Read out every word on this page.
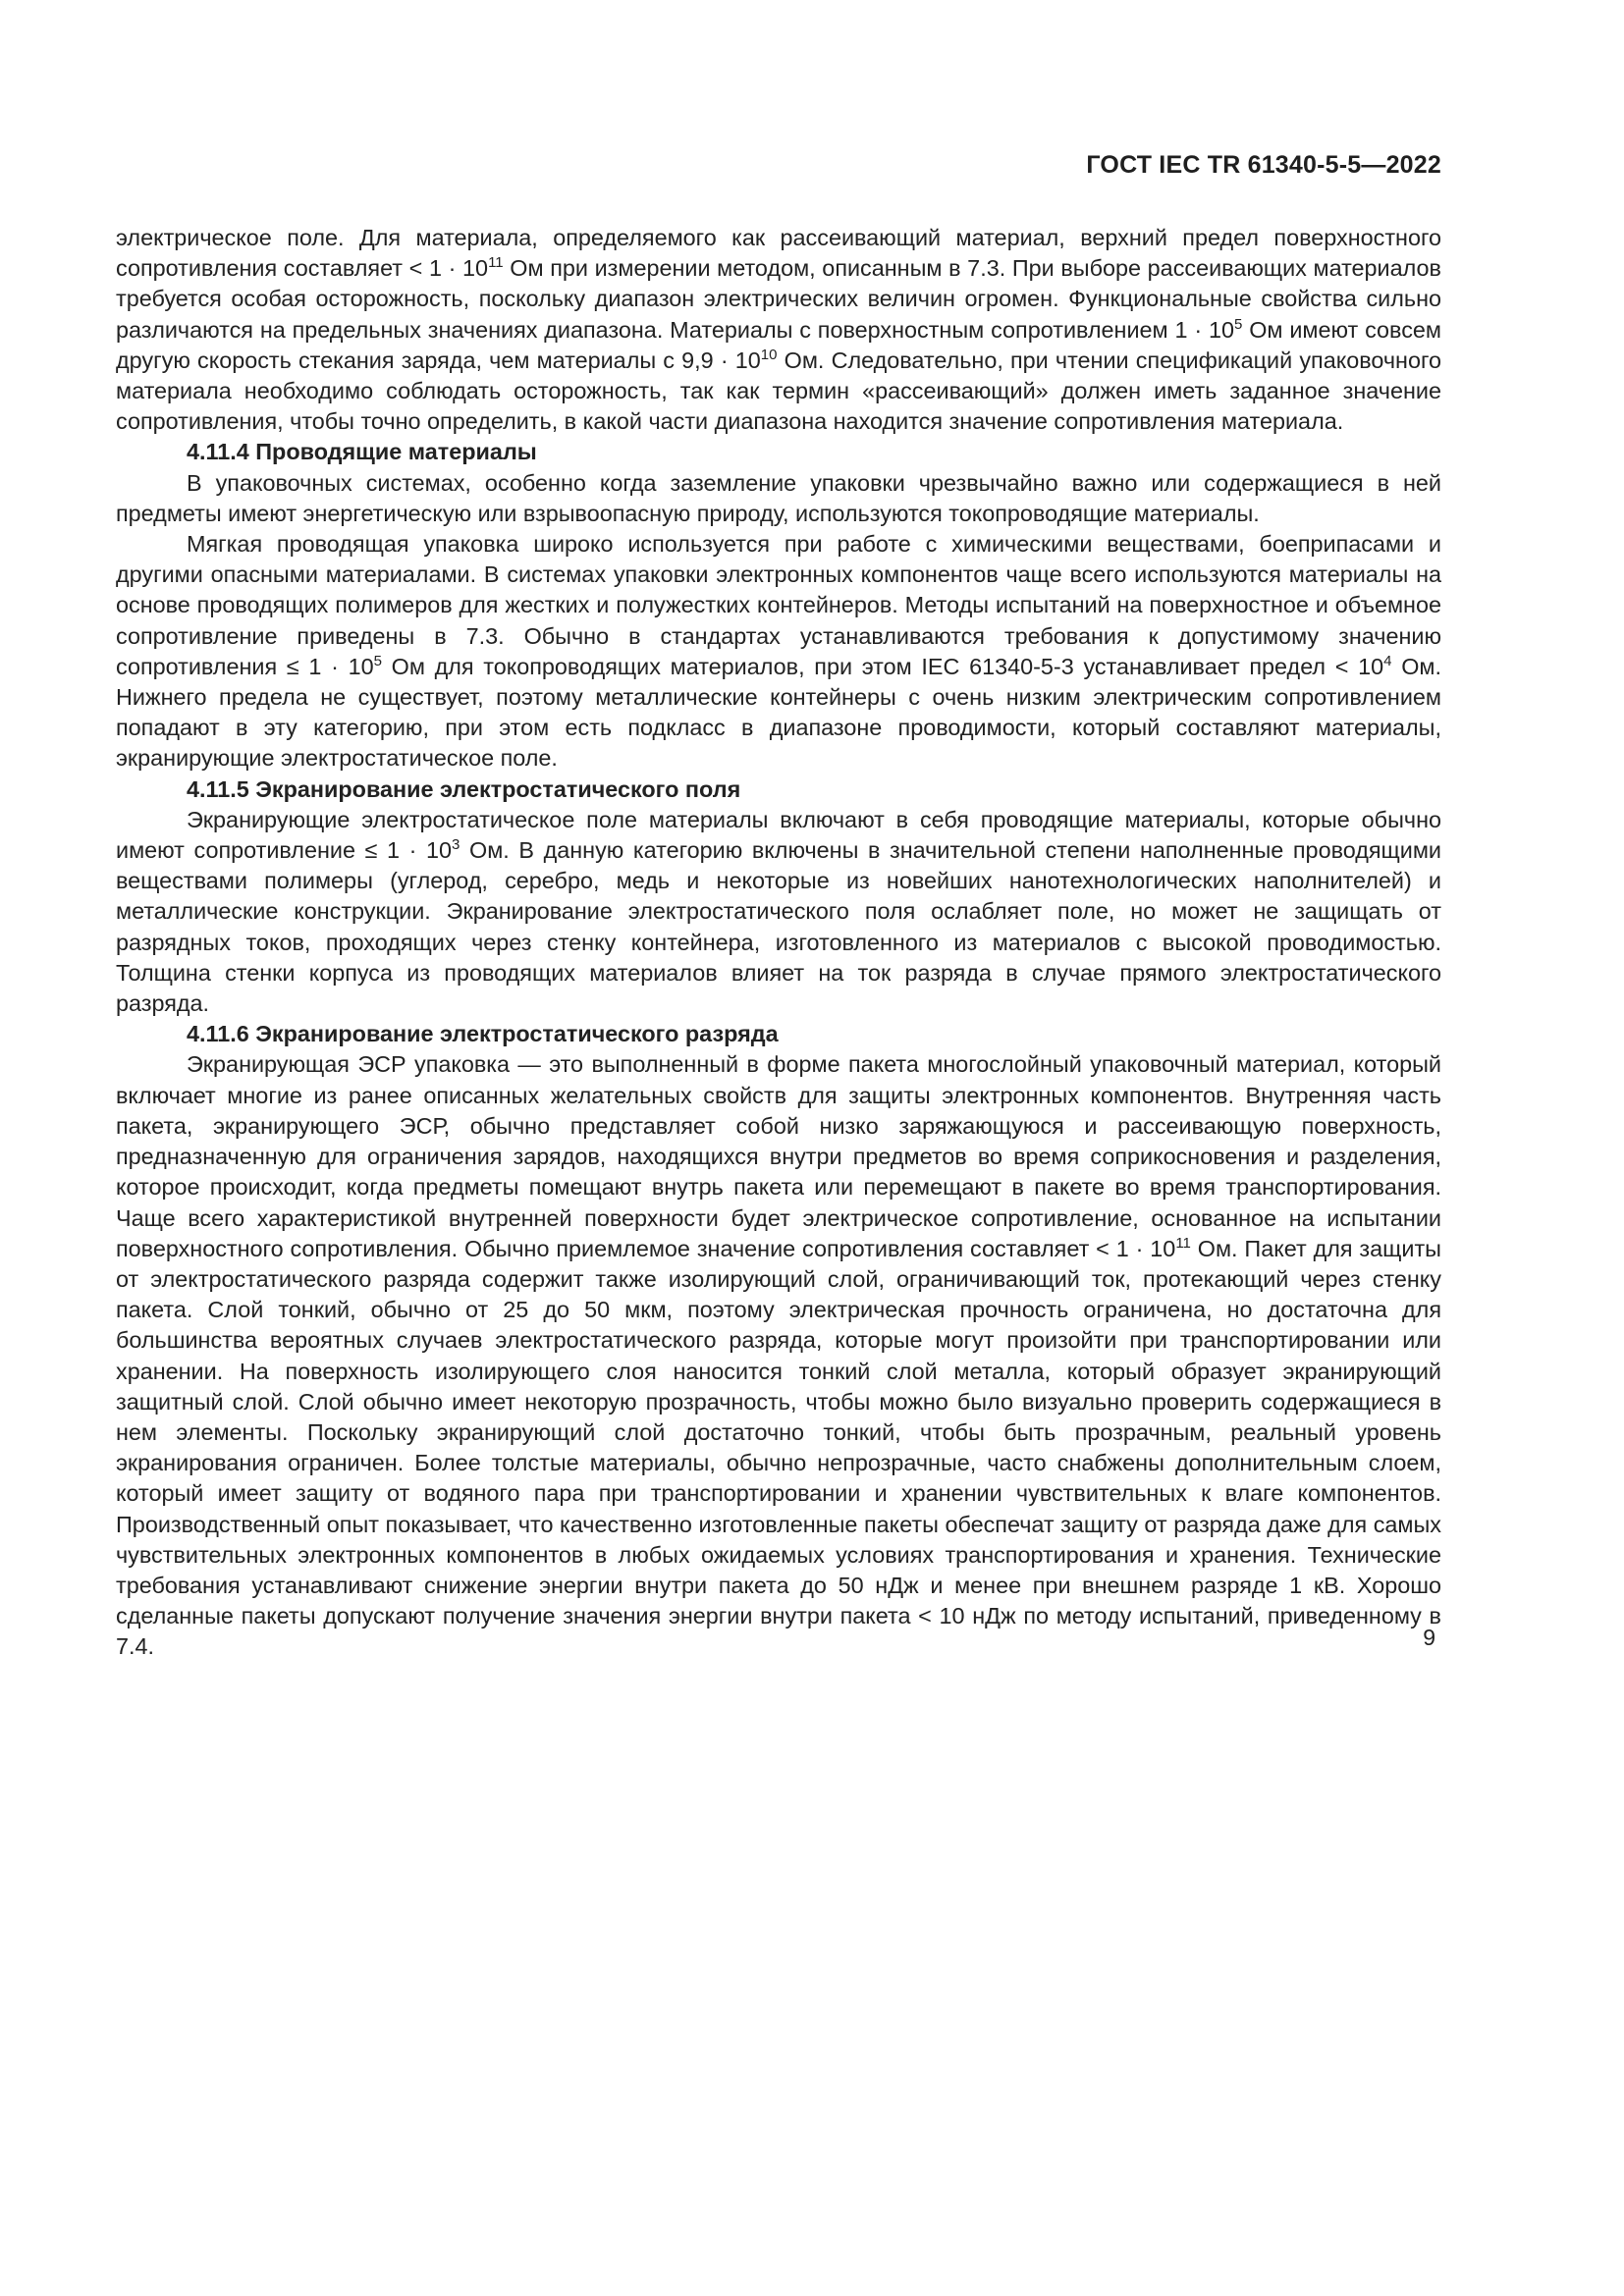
ГОСТ IEC TR 61340-5-5—2022

электрическое поле. Для материала, определяемого как рассеивающий материал, верхний предел поверхностного сопротивления составляет < $1 \cdot 10^{11}$ Ом при измерении методом, описанным в 7.3. При выборе рассеивающих материалов требуется особая осторожность, поскольку диапазон электрических величин огромен. Функциональные свойства сильно различаются на предельных значениях диапазона. Материалы с поверхностным сопротивлением $1 \cdot 10^5$ Ом имеют совсем другую скорость стекания заряда, чем материалы с $9,9 \cdot 10^{10}$ Ом. Следовательно, при чтении спецификаций упаковочного материала необходимо соблюдать осторожность, так как термин «рассеивающий» должен иметь заданное значение сопротивления, чтобы точно определить, в какой части диапазона находится значение сопротивления материала.

4.11.4 Проводящие материалы

В упаковочных системах, особенно когда заземление упаковки чрезвычайно важно или содержащиеся в ней предметы имеют энергетическую или взрывоопасную природу, используются токопроводящие материалы.

Мягкая проводящая упаковка широко используется при работе с химическими веществами, боеприпасами и другими опасными материалами. В системах упаковки электронных компонентов чаще всего используются материалы на основе проводящих полимеров для жестких и полужестких контейнеров. Методы испытаний на поверхностное и объемное сопротивление приведены в 7.3. Обычно в стандартах устанавливаются требования к допустимому значению сопротивления ≤ $1 \cdot 10^5$ Ом для токопроводящих материалов, при этом IEC 61340-5-3 устанавливает предел < $10^4$ Ом. Нижнего предела не существует, поэтому металлические контейнеры с очень низким электрическим сопротивлением попадают в эту категорию, при этом есть подкласс в диапазоне проводимости, который составляют материалы, экранирующие электростатическое поле.

4.11.5 Экранирование электростатического поля

Экранирующие электростатическое поле материалы включают в себя проводящие материалы, которые обычно имеют сопротивление ≤ $1 \cdot 10^3$ Ом. В данную категорию включены в значительной степени наполненные проводящими веществами полимеры (углерод, серебро, медь и некоторые из новейших нанотехнологических наполнителей) и металлические конструкции. Экранирование электростатического поля ослабляет поле, но может не защищать от разрядных токов, проходящих через стенку контейнера, изготовленного из материалов с высокой проводимостью. Толщина стенки корпуса из проводящих материалов влияет на ток разряда в случае прямого электростатического разряда.

4.11.6 Экранирование электростатического разряда

Экранирующая ЭСР упаковка — это выполненный в форме пакета многослойный упаковочный материал, который включает многие из ранее описанных желательных свойств для защиты электронных компонентов. Внутренняя часть пакета, экранирующего ЭСР, обычно представляет собой низко заряжающуюся и рассеивающую поверхность, предназначенную для ограничения зарядов, находящихся внутри предметов во время соприкосновения и разделения, которое происходит, когда предметы помещают внутрь пакета или перемещают в пакете во время транспортирования. Чаще всего характеристикой внутренней поверхности будет электрическое сопротивление, основанное на испытании поверхностного сопротивления. Обычно приемлемое значение сопротивления составляет < $1 \cdot 10^{11}$ Ом. Пакет для защиты от электростатического разряда содержит также изолирующий слой, ограничивающий ток, протекающий через стенку пакета. Слой тонкий, обычно от 25 до 50 мкм, поэтому электрическая прочность ограничена, но достаточна для большинства вероятных случаев электростатического разряда, которые могут произойти при транспортировании или хранении. На поверхность изолирующего слоя наносится тонкий слой металла, который образует экранирующий защитный слой. Слой обычно имеет некоторую прозрачность, чтобы можно было визуально проверить содержащиеся в нем элементы. Поскольку экранирующий слой достаточно тонкий, чтобы быть прозрачным, реальный уровень экранирования ограничен. Более толстые материалы, обычно непрозрачные, часто снабжены дополнительным слоем, который имеет защиту от водяного пара при транспортировании и хранении чувствительных к влаге компонентов. Производственный опыт показывает, что качественно изготовленные пакеты обеспечат защиту от разряда даже для самых чувствительных электронных компонентов в любых ожидаемых условиях транспортирования и хранения. Технические требования устанавливают снижение энергии внутри пакета до 50 нДж и менее при внешнем разряде 1 кВ. Хорошо сделанные пакеты допускают получение значения энергии внутри пакета < 10 нДж по методу испытаний, приведенному в 7.4.	9
